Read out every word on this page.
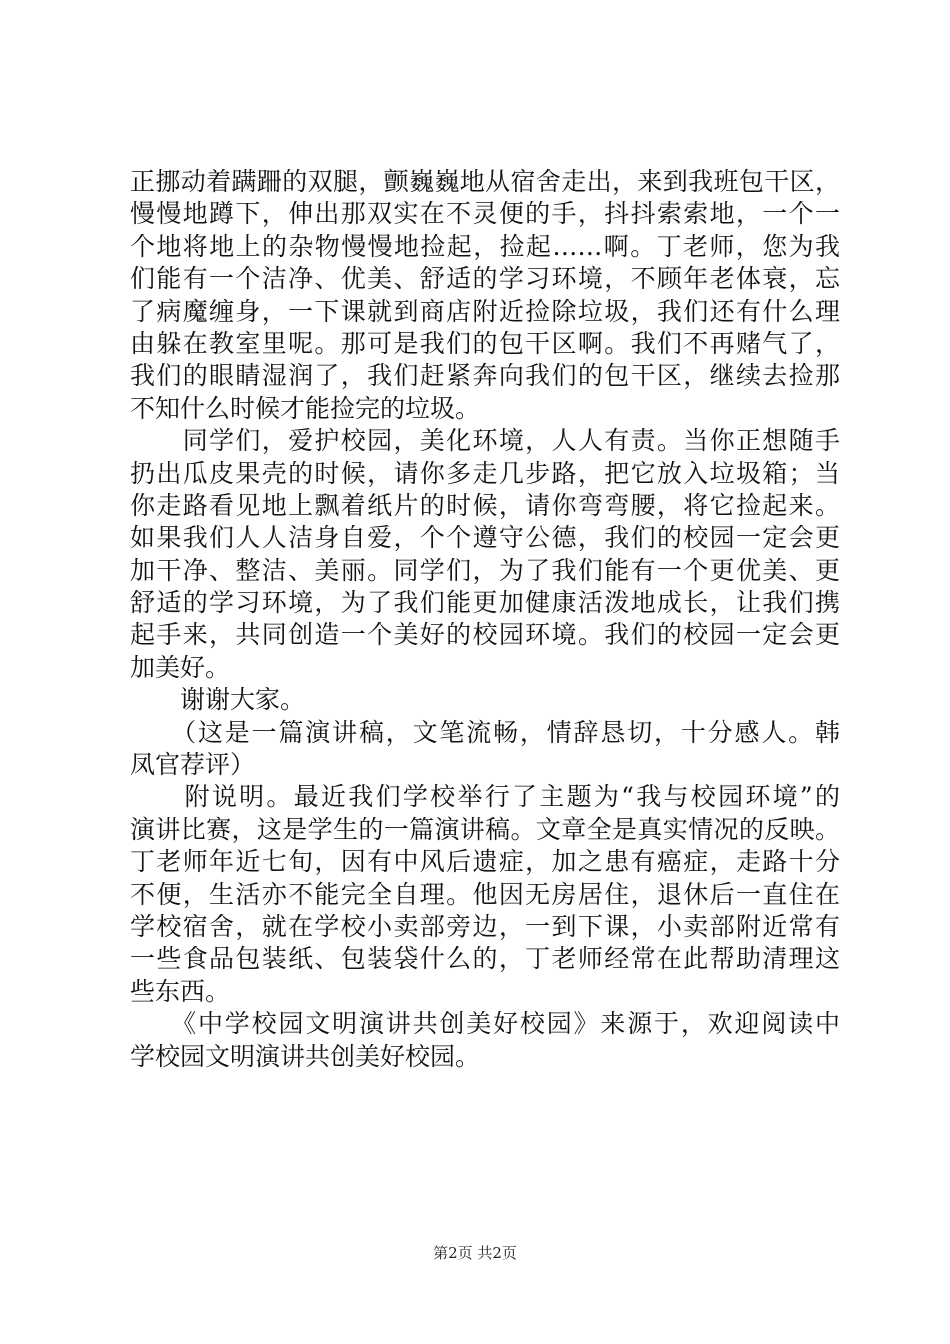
正挪动着蹒跚的双腿，颤巍巍地从宿舍走出，来到我班包干区，
慢慢地蹲下，伸出那双实在不灵便的手，抖抖索索地，一个一
个地将地上的杂物慢慢地捡起，捡起……啊。丁老师，您为我
们能有一个洁净、优美、舒适的学习环境，不顾年老体衰，忘
了病魔缠身，一下课就到商店附近捡除垃圾，我们还有什么理
由躲在教室里呢。那可是我们的包干区啊。我们不再赌气了，
我们的眼睛湿润了，我们赶紧奔向我们的包干区，继续去捡那
不知什么时候才能捡完的垃圾。
　　同学们，爱护校园，美化环境，人人有责。当你正想随手
扔出瓜皮果壳的时候，请你多走几步路，把它放入垃圾箱；当
你走路看见地上飘着纸片的时候，请你弯弯腰，将它捡起来。
如果我们人人洁身自爱，个个遵守公德，我们的校园一定会更
加干净、整洁、美丽。同学们，为了我们能有一个更优美、更
舒适的学习环境，为了我们能更加健康活泼地成长，让我们携
起手来，共同创造一个美好的校园环境。我们的校园一定会更
加美好。
　　谢谢大家。
　　（这是一篇演讲稿，文笔流畅，情辞恳切，十分感人。韩
凤官荐评）
　　附说明。最近我们学校举行了主题为“我与校园环境”的
演讲比赛，这是学生的一篇演讲稿。文章全是真实情况的反映。
丁老师年近七旬，因有中风后遗症，加之患有癌症，走路十分
不便，生活亦不能完全自理。他因无房居住，退休后一直住在
学校宿舍，就在学校小卖部旁边，一到下课，小卖部附近常有
一些食品包装纸、包装袋什么的，丁老师经常在此帮助清理这
些东西。
　　《中学校园文明演讲共创美好校园》来源于，欢迎阅读中
学校园文明演讲共创美好校园。
第2页 共2页
